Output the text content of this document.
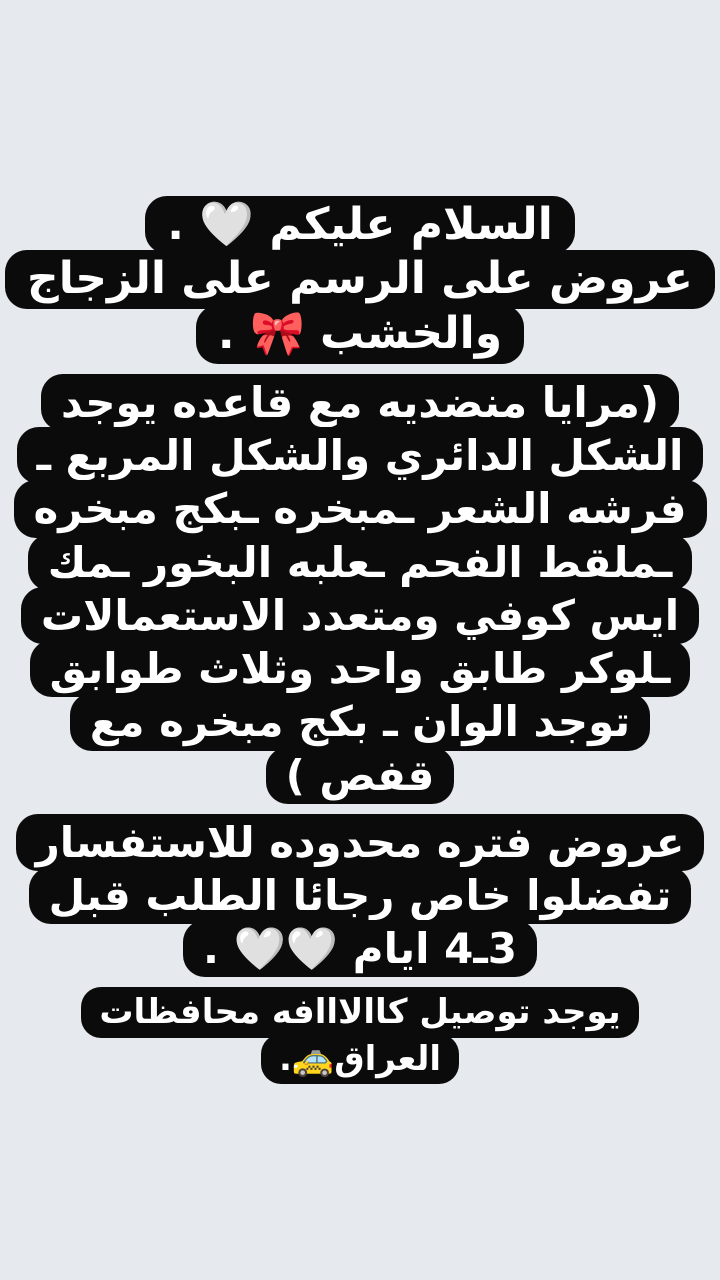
السلام عليكم 🤍 .
عروض على الرسم على الزجاج
والخشب 🎀 .
(مرايا منضديه مع قاعده يوجد
الشكل الدائري والشكل المربع ـ
فرشه الشعر ـمبخره ـبكج مبخره
ـملقط الفحم ـعلبه البخور ـمك
ايس كوفي ومتعدد الاستعمالات
ـلوكر طابق واحد وثلاث طوابق
توجد الوان ـ بكج مبخره مع
قفص )
عروض فتره محدوده للاستفسار
تفضلوا خاص رجائا الطلب قبل
3ـ4 ايام 🤍🤍 .
يوجد توصيل كاالااافه محافظات
العراق🚕.
